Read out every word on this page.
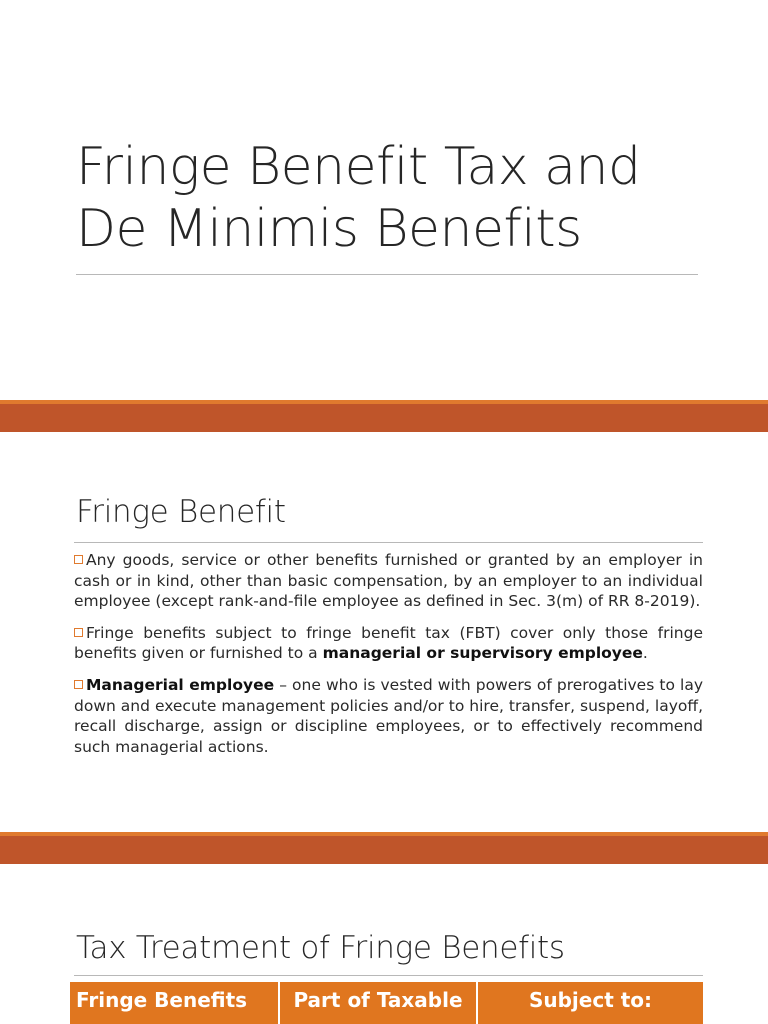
Fringe Benefit Tax and
De Minimis Benefits
Fringe Benefit
Any goods, service or other benefits furnished or granted by an employer in cash or in kind, other than basic compensation, by an employer to an individual employee (except rank-and-file employee as defined in Sec. 3(m) of RR 8-2019).
Fringe benefits subject to fringe benefit tax (FBT) cover only those fringe benefits given or furnished to a managerial or supervisory employee.
Managerial employee – one who is vested with powers of prerogatives to lay down and execute management policies and/or to hire, transfer, suspend, layoff, recall discharge, assign or discipline employees, or to effectively recommend such managerial actions.
Tax Treatment of Fringe Benefits
Fringe Benefits	Part of Taxable	Subject to:
